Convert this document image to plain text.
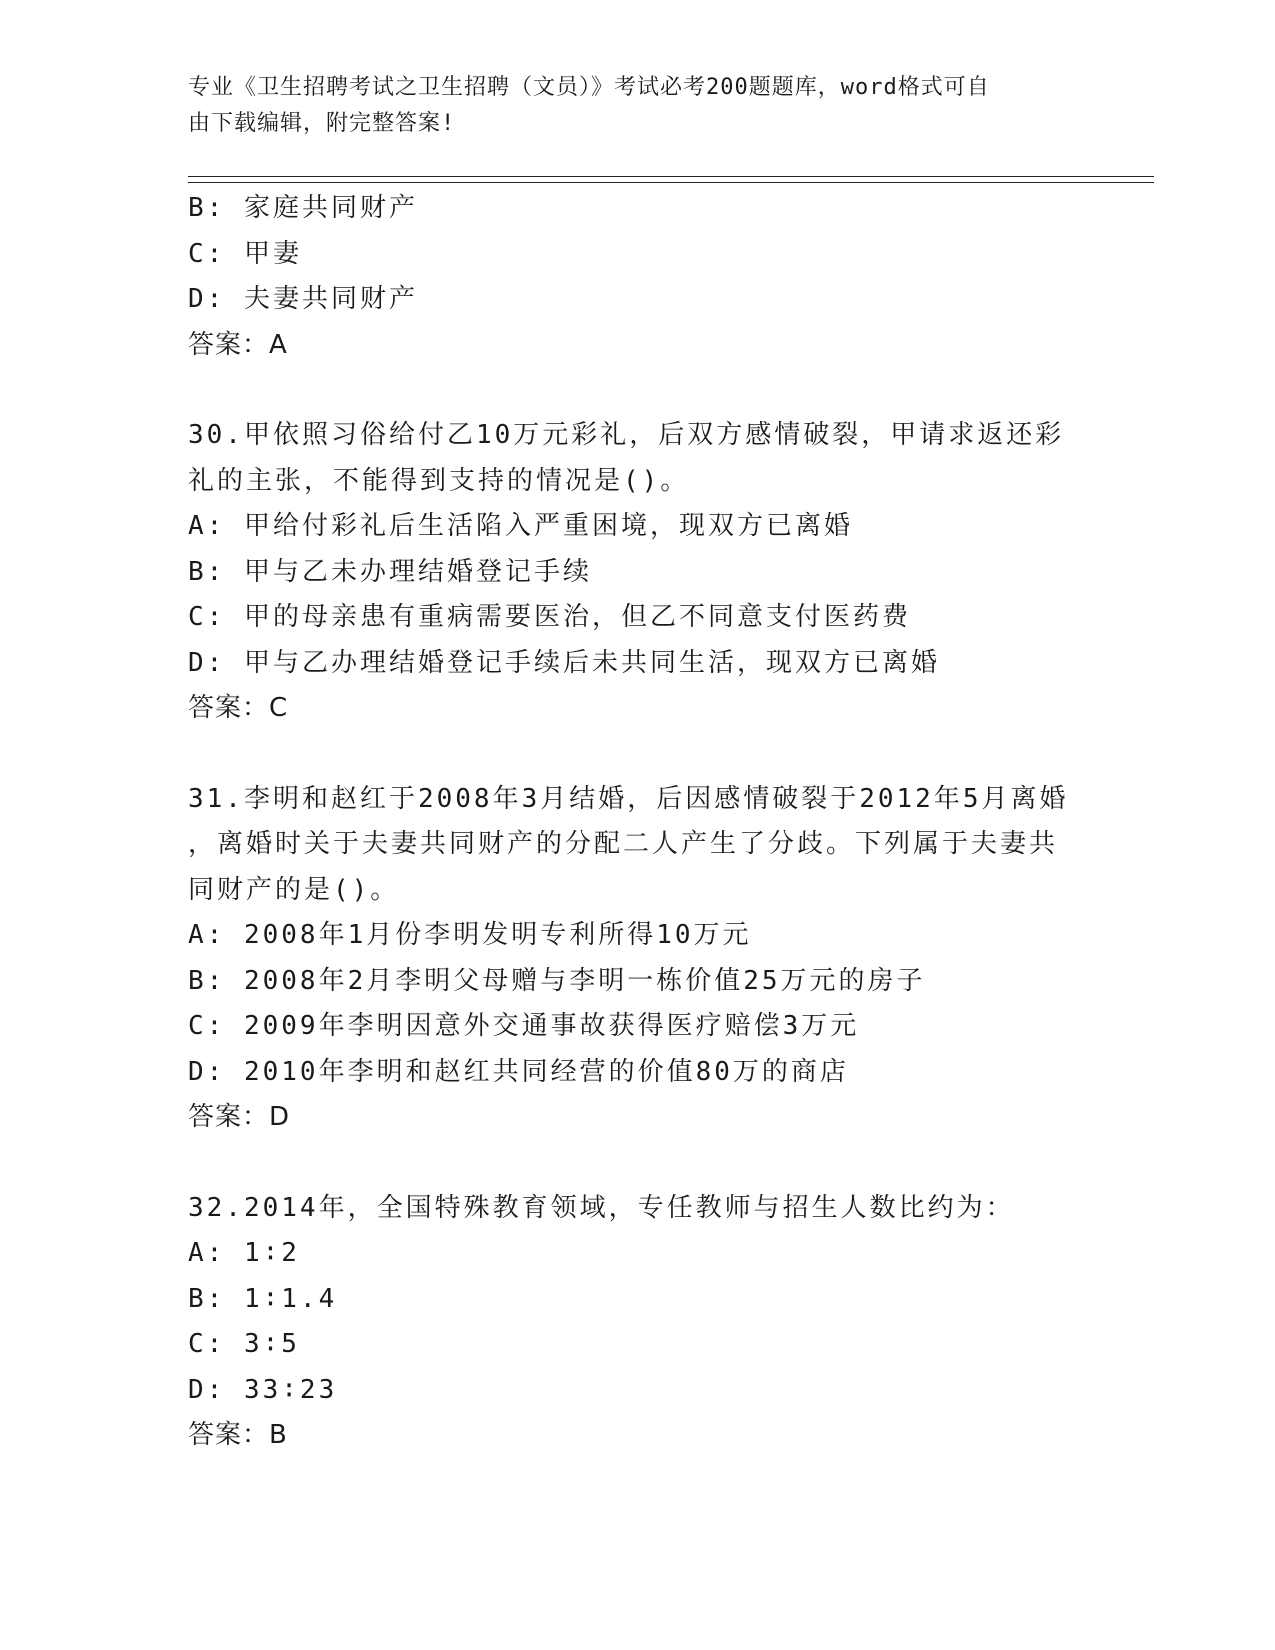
专业《卫生招聘考试之卫生招聘（文员）》考试必考200题题库，word格式可自
由下载编辑，附完整答案!
B: 家庭共同财产
C: 甲妻
D: 夫妻共同财产
答案：A
30.甲依照习俗给付乙10万元彩礼，后双方感情破裂，甲请求返还彩
礼的主张，不能得到支持的情况是()。
A: 甲给付彩礼后生活陷入严重困境，现双方已离婚
B: 甲与乙未办理结婚登记手续
C: 甲的母亲患有重病需要医治，但乙不同意支付医药费
D: 甲与乙办理结婚登记手续后未共同生活，现双方已离婚
答案：C
31.李明和赵红于2008年3月结婚，后因感情破裂于2012年5月离婚
，离婚时关于夫妻共同财产的分配二人产生了分歧。下列属于夫妻共
同财产的是()。
A: 2008年1月份李明发明专利所得10万元
B: 2008年2月李明父母赠与李明一栋价值25万元的房子
C: 2009年李明因意外交通事故获得医疗赔偿3万元
D: 2010年李明和赵红共同经营的价值80万的商店
答案：D
32.2014年，全国特殊教育领域，专任教师与招生人数比约为：
A: 1∶2
B: 1∶1.4
C: 3∶5
D: 33∶23
答案：B
